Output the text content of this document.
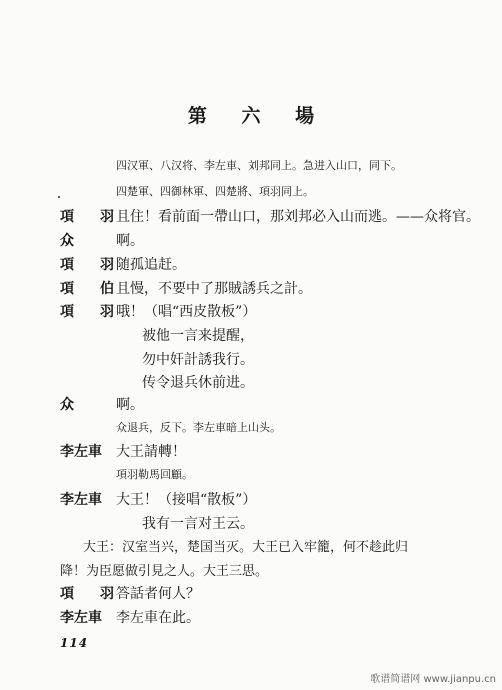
第 六 場
四汉軍、八汉将、李左車、刘邦同上。急进入山口，同下。
四楚軍、四御林軍、四楚將、項羽同上。
項　羽
且住！看前面一帶山口，那刘邦必入山而逃。——众将官。
众	啊。
項　羽
随孤追赶。
項　伯
且慢，不要中了那賊誘兵之計。
項　羽
哦！（唱“西皮散板”）
被他一言来提醒，
勿中奸計誘我行。
传令退兵休前进。
众	啊。
众退兵，反下。李左車暗上山头。
李左車 大王請轉！
項羽勒馬回顧。
李左車 大王！（接唱“散板”）
我有一言对王云。
大王：汉室当兴，楚国当灭。大王已入牢籠，何不趁此归
降！为臣愿做引見之人。大王三思。
項　羽
答話者何人？
李左車 李左車在此。
114
歌谱简谱网 www.jianpu.cn
